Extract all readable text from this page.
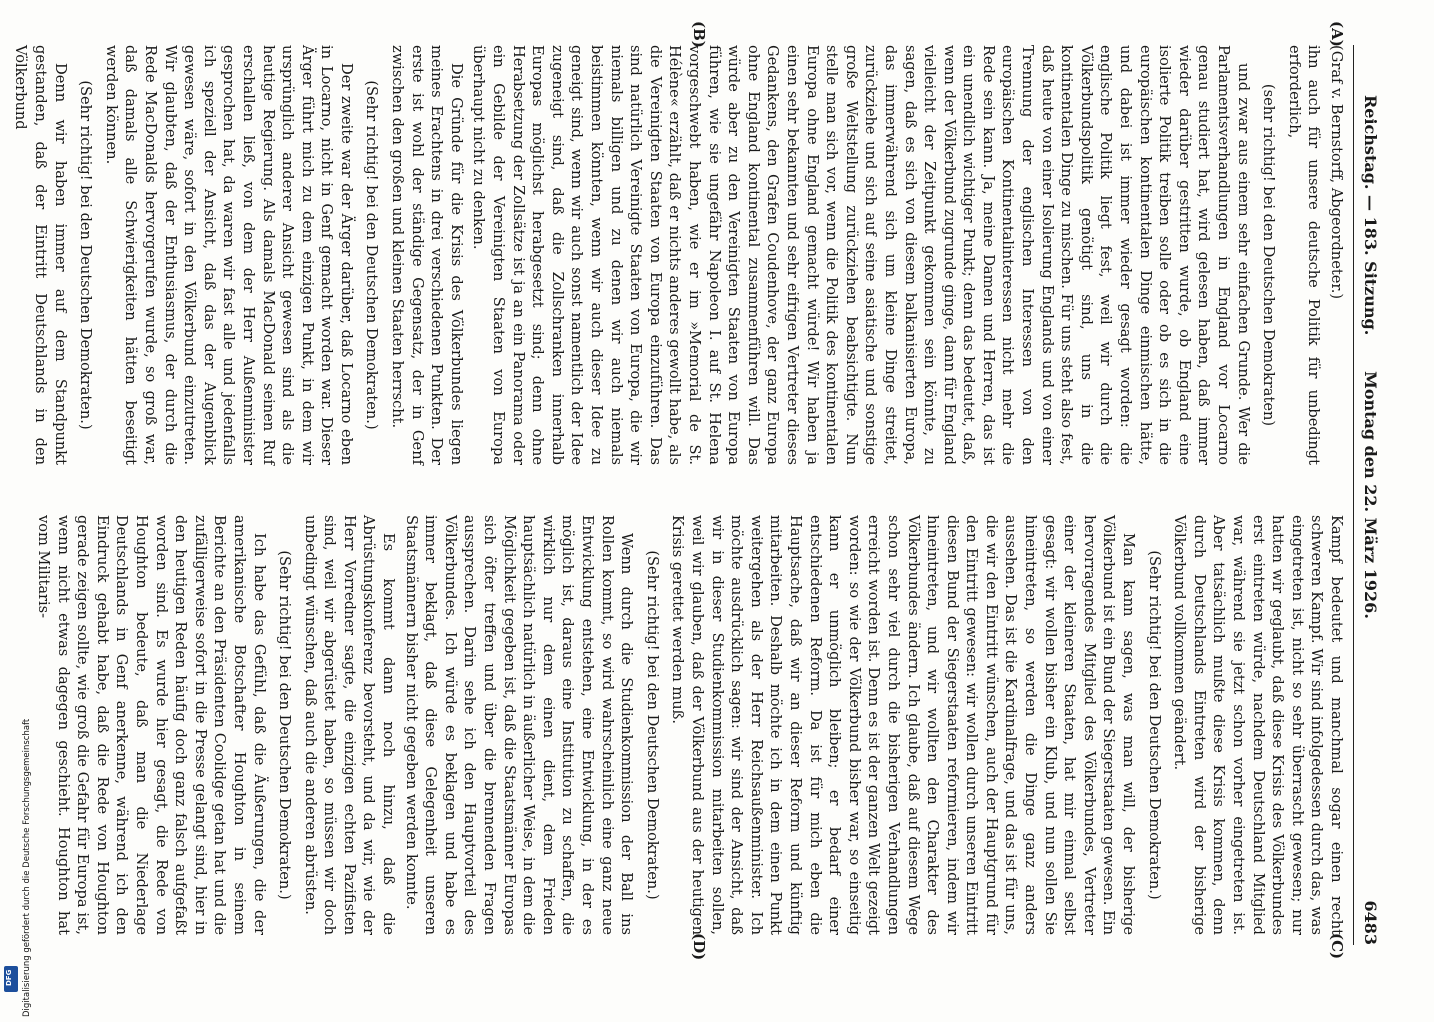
Reichstag. — 183. Sitzung.
Montag den 22. März 1926.
6483
(A)
(B)
(C)
(D)

(Graf v. Bernstorff, Abgeordneter.)

ihn auch für unsere deutsche Politik für unbedingt erforderlich,

(sehr richtig! bei den Deutschen Demokraten)

und zwar aus einem sehr einfachen Grunde. Wer die Parlamentsverhandlungen in England vor Locarno genau studiert hat, wird gelesen haben, daß immer wieder darüber gestritten wurde, ob England eine isolierte Politik treiben solle oder ob es sich in die europäischen kontinentalen Dinge einmischen hätte, und dabei ist immer wieder gesagt worden: die englische Politik liegt fest, weil wir durch die Völkerbundspolitik genötigt sind, uns in die kontinentalen Dinge zu mischen. Für uns steht also fest, daß heute von einer Isolierung Englands und von einer Trennung der englischen Interessen von den europäischen Kontinentalinteressen nicht mehr die Rede sein kann. Ja, meine Damen und Herren, das ist ein unendlich wichtiger Punkt; denn das bedeutet, daß, wenn der Völkerbund zugrunde ginge, dann für England vielleicht der Zeitpunkt gekommen sein könnte, zu sagen, daß es sich von diesem balkanisierten Europa, das immerwährend sich um kleine Dinge streitet, zurückziehe und sich auf seine asiatische und sonstige große Weltstellung zurückziehen beabsichtigte. Nun stelle man sich vor, wenn die Politik des kontinentalen Europa ohne England gemacht würde! Wir haben ja einen sehr bekannten und sehr eifrigen Vertreter dieses Gedankens, den Grafen Coudenhove, der ganz Europa ohne England kontinental zusammenführen will. Das würde aber zu den Vereinigten Staaten von Europa führen, wie sie ungefähr Napoleon I. auf St. Helena vorgeschwebt haben, wie er im »Memorial de St. Hélène« erzählt, daß er nichts anderes gewollt habe, als die Vereinigten Staaten von Europa einzuführen. Das sind natürlich Vereinigte Staaten von Europa, die wir niemals billigen und zu denen wir auch niemals beistimmen könnten, wenn wir auch dieser Idee zu geneigt sind, wenn wir auch sonst namentlich der Idee zugeneigt sind, daß die Zollschranken innerhalb Europas möglichst herabgesetzt sind; denn ohne Herabsetzung der Zollsätze ist ja an ein Panorama oder ein Gebilde der Vereinigten Staaten von Europa überhaupt nicht zu denken.

Die Gründe für die Krisis des Völkerbundes liegen meines Erachtens in drei verschiedenen Punkten. Der erste ist wohl der ständige Gegensatz, der in Genf zwischen den großen und kleinen Staaten herrscht.

(Sehr richtig! bei den Deutschen Demokraten.)

Der zweite war der Ärger darüber, daß Locarno eben in Locarno, nicht in Genf gemacht worden war. Dieser Ärger führt mich zu dem einzigen Punkt, in dem wir ursprünglich anderer Ansicht gewesen sind als die heutige Regierung. Als damals MacDonald seinen Ruf erschallen ließ, von dem der Herr Außenminister gesprochen hat, da waren wir fast alle und jedenfalls ich speziell der Ansicht, daß das der Augenblick gewesen wäre, sofort in den Völkerbund einzutreten. Wir glaubten, daß der Enthusiasmus, der durch die Rede MacDonalds hervorgerufen wurde, so groß war, daß damals alle Schwierigkeiten hätten beseitigt werden können.

(Sehr richtig! bei den Deutschen Demokraten.)

Denn wir haben immer auf dem Standpunkt gestanden, daß der Eintritt Deutschlands in den Völkerbund

Kampf bedeutet und manchmal sogar einen recht schweren Kampf. Wir sind infolgedessen durch das, was eingetreten ist, nicht so sehr überrascht gewesen; nur hatten wir geglaubt, daß diese Krisis des Völkerbundes erst eintreten würde, nachdem Deutschland Mitglied war, während sie jetzt schon vorher eingetreten ist. Aber tatsächlich mußte diese Krisis kommen, denn durch Deutschlands Eintreten wird der bisherige Völkerbund vollkommen geändert.

(Sehr richtig! bei den Deutschen Demokraten.)

Man kann sagen, was man will, der bisherige Völkerbund ist ein Bund der Siegerstaaten gewesen. Ein hervorragendes Mitglied des Völkerbundes, Vertreter einer der kleineren Staaten, hat mir einmal selbst gesagt: wir wollen bisher ein Klub, und nun sollen Sie hineintreten, so werden die Dinge ganz anders aussehen. Das ist die Kardinalfrage, und das ist für uns, die wir den Eintritt wünschen, auch der Hauptgrund für den Eintritt gewesen: wir wollen durch unseren Eintritt diesen Bund der Siegerstaaten reformieren, indem wir hineintreten, und wir wollten den Charakter des Völkerbundes ändern. Ich glaube, daß auf diesem Wege schon sehr viel durch die bisherigen Verhandlungen erreicht worden ist. Denn es ist der ganzen Welt gezeigt worden: so wie der Völkerbund bisher war, so einseitig kann er unmöglich bleiben; er bedarf einer entschiedenen Reform. Da ist für mich eben die Hauptsache, daß wir an dieser Reform und künftig mitarbeiten. Deshalb möchte ich in dem einen Punkt weitergehen als der Herr Reichsaußenminister. Ich möchte ausdrücklich sagen: wir sind der Ansicht, daß wir in dieser Studienkommission mitarbeiten sollen, weil wir glauben, daß der Völkerbund aus der heutigen Krisis gerettet werden muß.

(Sehr richtig! bei den Deutschen Demokraten.)

Wenn durch die Studienkommission der Ball ins Rollen kommt, so wird wahrscheinlich eine ganz neue Entwicklung entstehen, eine Entwicklung, in der es möglich ist, daraus eine Institution zu schaffen, die wirklich nur dem einen dient, dem Frieden hauptsächlich natürlich in äußerlicher Weise, in dem die Möglichkeit gegeben ist, daß die Staatsmänner Europas sich öfter treffen und über die brennenden Fragen aussprechen. Darin sehe ich den Hauptvorteil des Völkerbundes. Ich würde es beklagen und habe es immer beklagt, daß diese Gelegenheit unseren Staatsmännern bisher nicht gegeben werden konnte.

Es kommt dann noch hinzu, daß die Abrüstungskonferenz bevorsteht, und da wir, wie der Herr Vorredner sagte, die einzigen echten Pazifisten sind, weil wir abgerüstet haben, so müssen wir doch unbedingt wünschen, daß auch die anderen abrüsten.

(Sehr richtig! bei den Deutschen Demokraten.)

Ich habe das Gefühl, daß die Äußerungen, die der amerikanische Botschafter Houghton in seinem Berichte an den Präsidenten Coolidge getan hat und die zufälligerweise sofort in die Presse gelangt sind, hier in den heutigen Reden häufig doch ganz falsch aufgefaßt worden sind. Es wurde hier gesagt, die Rede von Houghton bedeute, daß man die Niederlage Deutschlands in Genf anerkenne, während ich den Eindruck gehabt habe, daß die Rede von Houghton gerade zeigen sollte, wie groß die Gefahr für Europa ist, wenn nicht etwas dagegen geschieht. Houghton hat vom Militaris-

Digitalisierung gefördert durch die Deutsche Forschungsgemeinschaft
DFG
